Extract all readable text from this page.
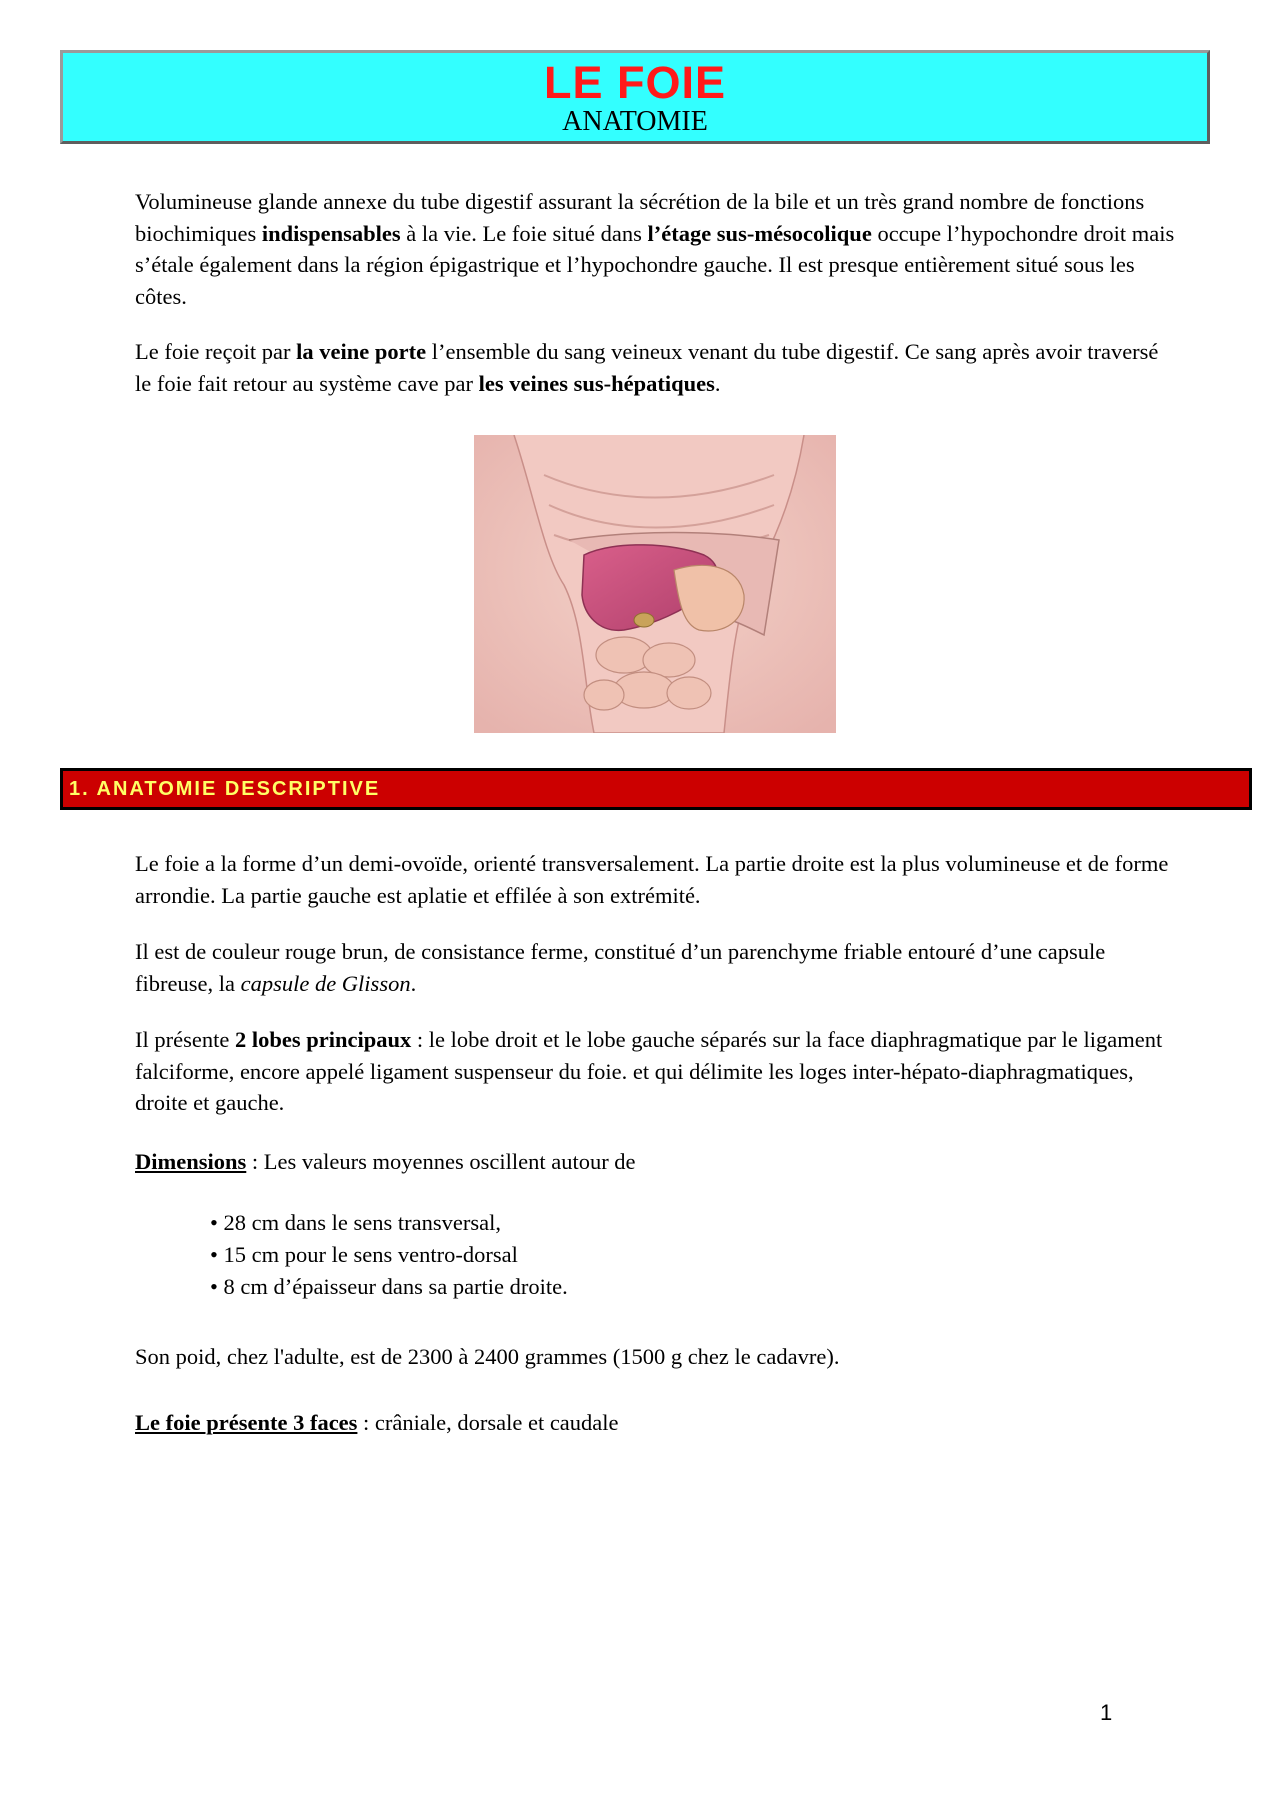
LE FOIE
ANATOMIE

Volumineuse glande annexe du tube digestif assurant la sécrétion de la bile et un très grand nombre de fonctions biochimiques indispensables à la vie. Le foie situé dans l’étage sus-mésocolique occupe l’hypochondre droit mais s’étale également dans la région épigastrique et l’hypochondre gauche. Il est presque entièrement situé sous les côtes.

Le foie reçoit par la veine porte l’ensemble du sang veineux venant du tube digestif. Ce sang après avoir traversé le foie fait retour au système cave par les veines sus-hépatiques.

1. ANATOMIE DESCRIPTIVE

Le foie a la forme d’un demi-ovoïde, orienté transversalement. La partie droite est la plus volumineuse et de forme arrondie. La partie gauche est aplatie et effilée à son extrémité.

Il est de couleur rouge brun, de consistance ferme, constitué d’un parenchyme friable entouré d’une capsule fibreuse, la capsule de Glisson.

Il présente 2 lobes principaux : le lobe droit et le lobe gauche séparés sur la face diaphragmatique par le ligament falciforme, encore appelé ligament suspenseur du foie. et qui délimite les loges inter-hépato-diaphragmatiques, droite et gauche.

Dimensions : Les valeurs moyennes oscillent autour de

• 28 cm dans le sens transversal,
• 15 cm pour le sens ventro-dorsal
• 8 cm d’épaisseur dans sa partie droite.

Son poid, chez l'adulte, est de 2300 à 2400 grammes (1500 g chez le cadavre).

Le foie présente 3 faces : crâniale, dorsale et caudale

1
